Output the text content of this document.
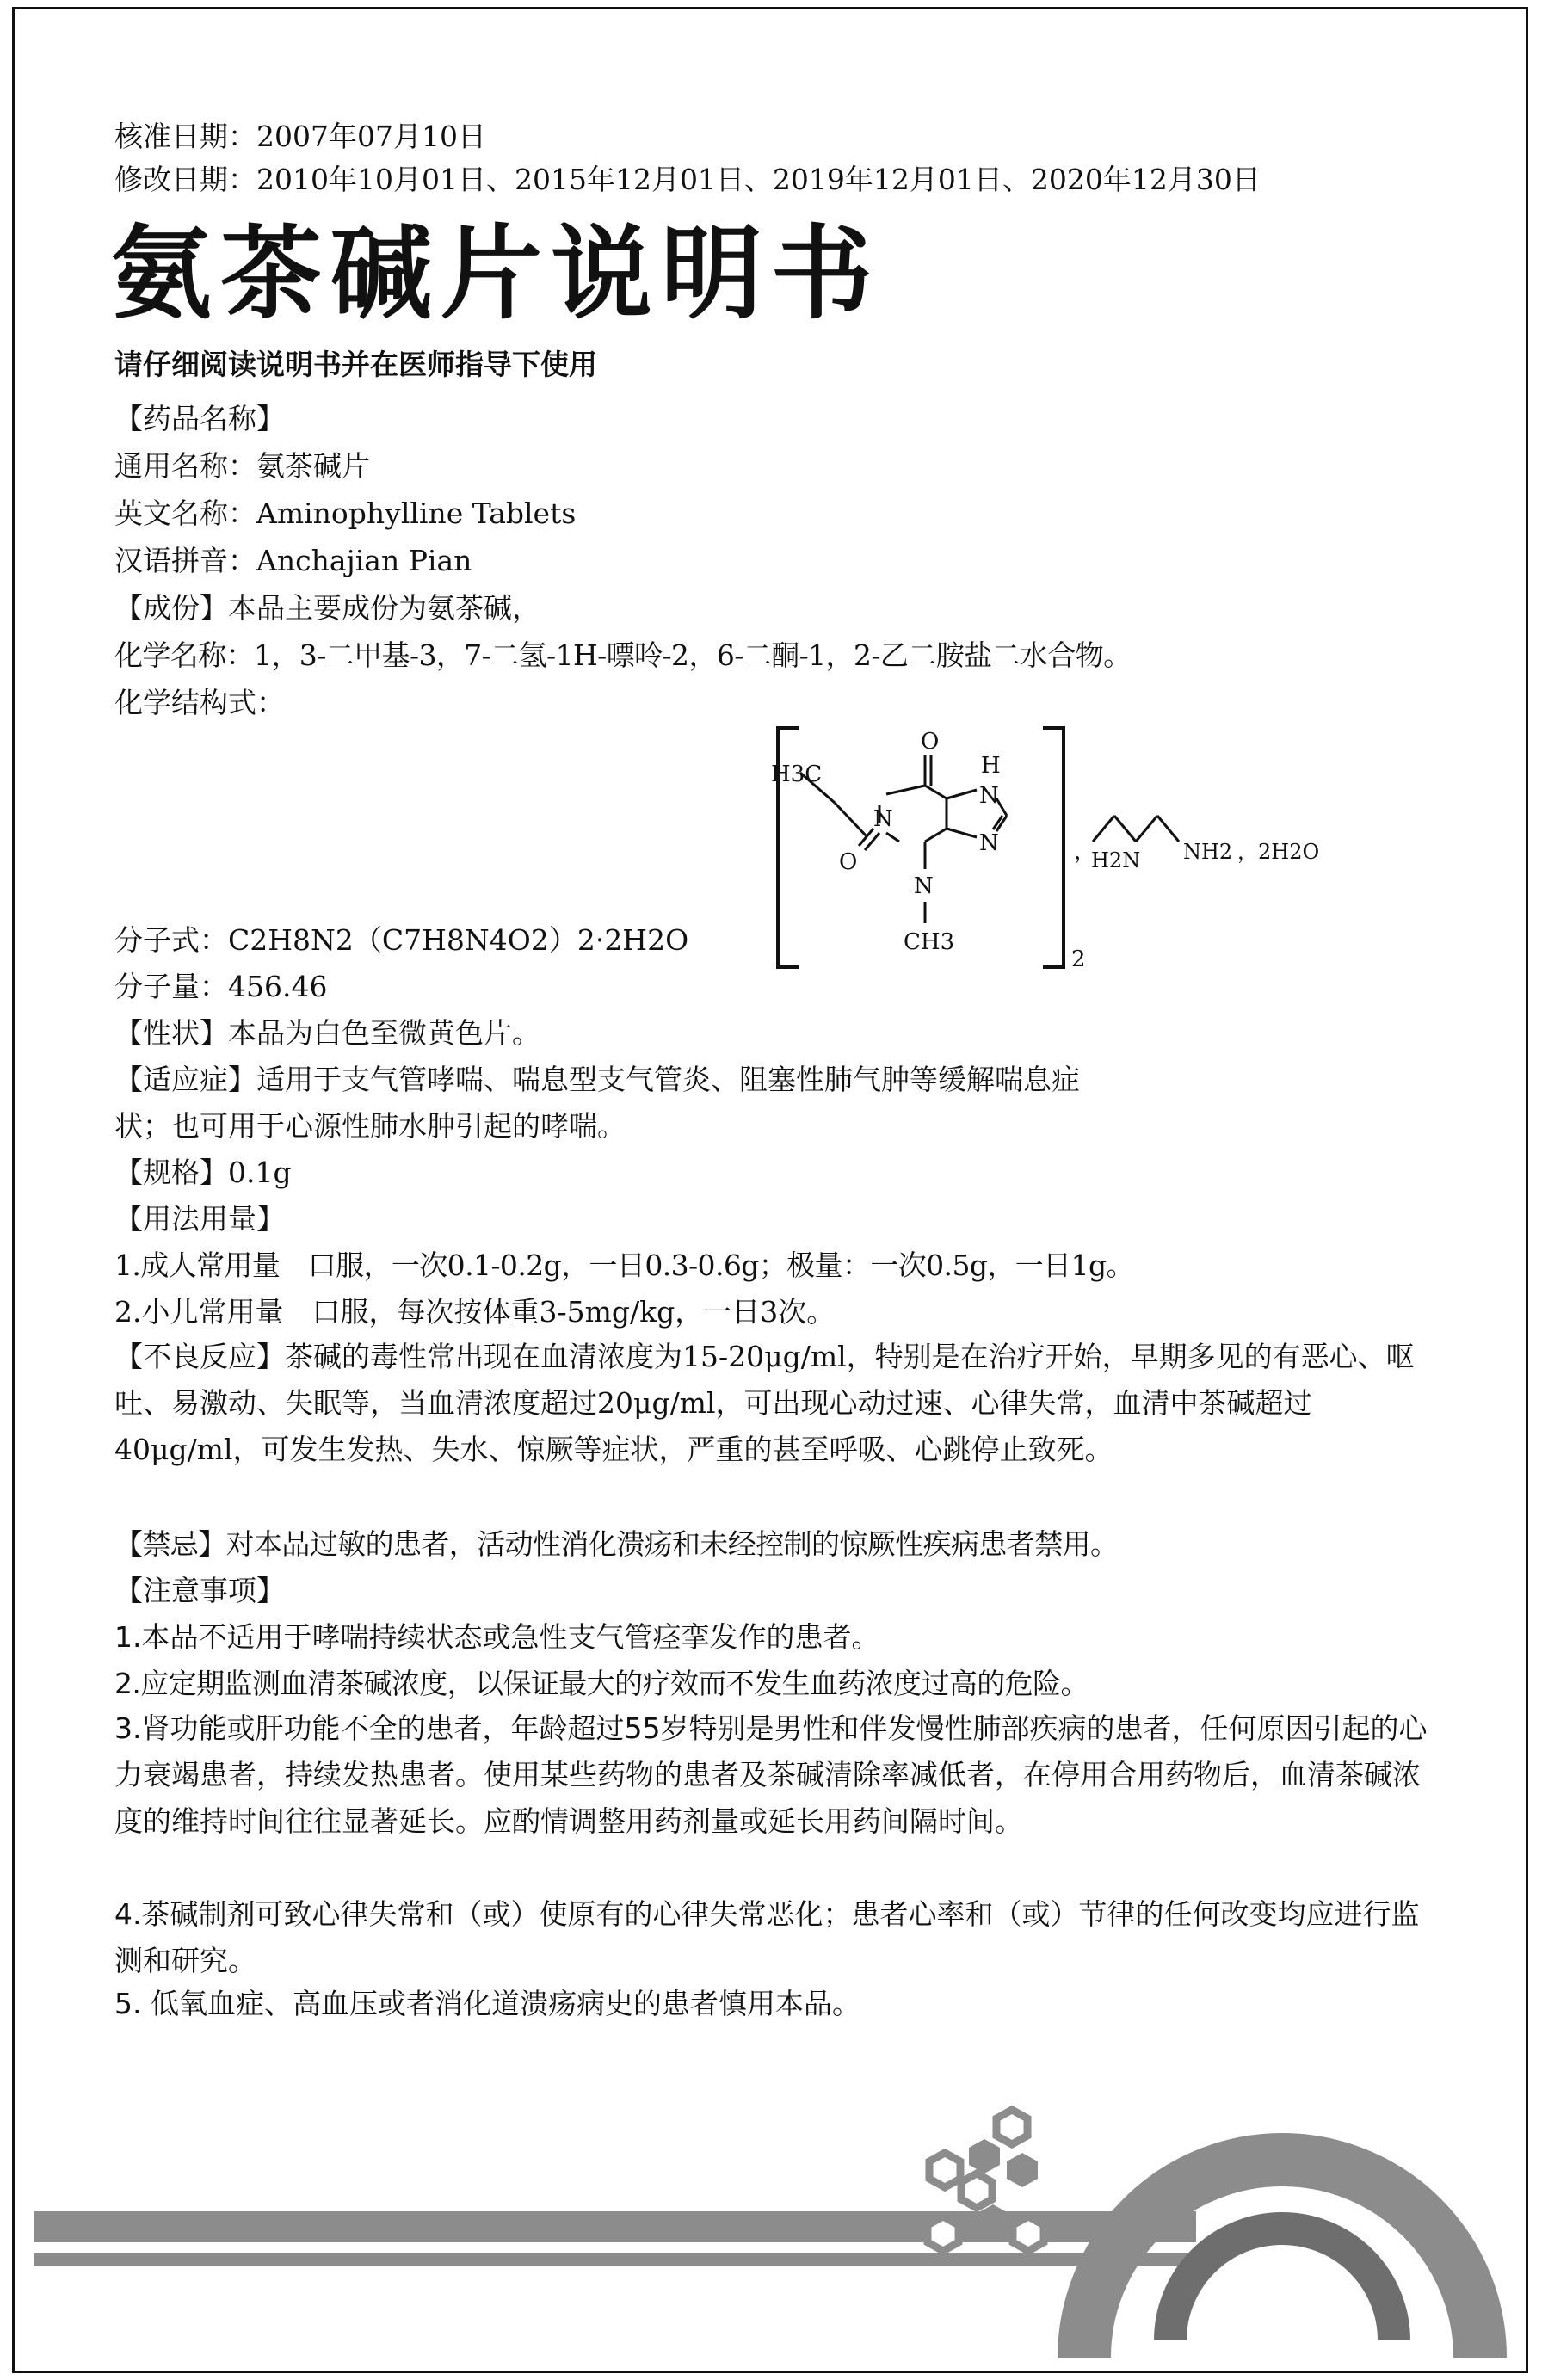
核准日期：2007年07月10日
修改日期：2010年10月01日、2015年12月01日、2019年12月01日、2020年12月30日
氨茶碱片说明书
请仔细阅读说明书并在医师指导下使用
【药品名称】
通用名称：氨茶碱片
英文名称：Aminophylline Tablets
汉语拼音：Anchajian Pian
【成份】本品主要成份为氨茶碱，
化学名称：1，3-二甲基-3，7-二氢-1H-嘌呤-2，6-二酮-1，2-乙二胺盐二水合物。
化学结构式：
O
O
H3C
CH3
N
N
N
N
H
2
，
H2N NH2 ，2H2O
分子式：C2H8N2（C7H8N4O2）2·2H2O
分子量：456.46
【性状】本品为白色至微黄色片。
【适应症】适用于支气管哮喘、喘息型支气管炎、阻塞性肺气肿等缓解喘息症
状；也可用于心源性肺水肿引起的哮喘。
【规格】0.1g
【用法用量】
1.成人常用量　口服，一次0.1-0.2g，一日0.3-0.6g；极量：一次0.5g，一日1g。
2.小儿常用量　口服，每次按体重3-5mg/kg，一日3次。
【不良反应】茶碱的毒性常出现在血清浓度为15-20μg/ml，特别是在治疗开始，早期多见的有恶心、呕吐、易激动、失眠等，当血清浓度超过20μg/ml，可出现心动过速、心律失常，血清中茶碱超过40μg/ml，可发生发热、失水、惊厥等症状，严重的甚至呼吸、心跳停止致死。
【禁忌】对本品过敏的患者，活动性消化溃疡和未经控制的惊厥性疾病患者禁用。
【注意事项】
1.本品不适用于哮喘持续状态或急性支气管痉挛发作的患者。
2.应定期监测血清茶碱浓度，以保证最大的疗效而不发生血药浓度过高的危险。
3.肾功能或肝功能不全的患者，年龄超过55岁特别是男性和伴发慢性肺部疾病的患者，任何原因引起的心力衰竭患者，持续发热患者。使用某些药物的患者及茶碱清除率减低者，在停用合用药物后，血清茶碱浓度的维持时间往往显著延长。应酌情调整用药剂量或延长用药间隔时间。
4.茶碱制剂可致心律失常和（或）使原有的心律失常恶化；患者心率和（或）节律的任何改变均应进行监测和研究。
5. 低氧血症、高血压或者消化道溃疡病史的患者慎用本品。
